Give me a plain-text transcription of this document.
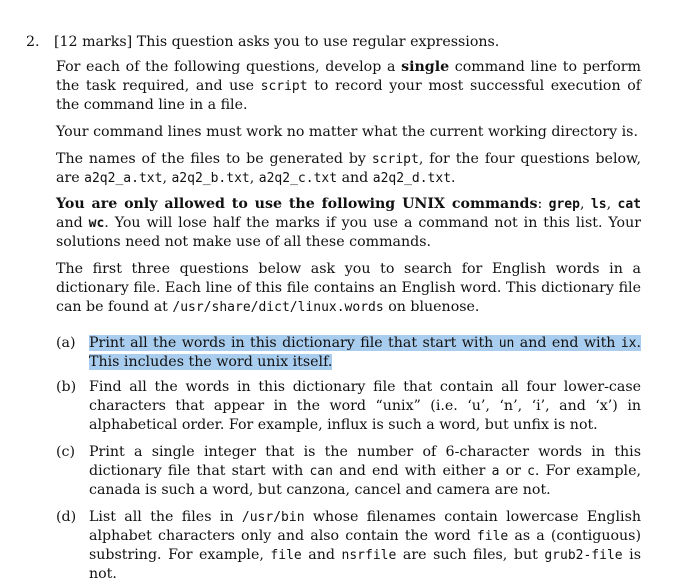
2. [12 marks] This question asks you to use regular expressions.
For each of the following questions, develop a single command line to perform the task required, and use script to record your most successful execution of the command line in a file.
Your command lines must work no matter what the current working directory is.
The names of the files to be generated by script, for the four questions below, are a2q2_a.txt, a2q2_b.txt, a2q2_c.txt and a2q2_d.txt.
You are only allowed to use the following UNIX commands: grep, ls, cat and wc. You will lose half the marks if you use a command not in this list. Your solutions need not make use of all these commands.
The first three questions below ask you to search for English words in a dictionary file. Each line of this file contains an English word. This dictionary file can be found at /usr/share/dict/linux.words on bluenose.
(a) Print all the words in this dictionary file that start with un and end with ix. This includes the word unix itself.
(b) Find all the words in this dictionary file that contain all four lower-case characters that appear in the word “unix” (i.e. ‘u’, ‘n’, ‘i’, and ‘x’) in alphabetical order. For example, influx is such a word, but unfix is not.
(c) Print a single integer that is the number of 6-character words in this dictionary file that start with can and end with either a or c. For example, canada is such a word, but canzona, cancel and camera are not.
(d) List all the files in /usr/bin whose filenames contain lowercase English alphabet characters only and also contain the word file as a (contiguous) substring. For example, file and nsrfile are such files, but grub2-file is not.
